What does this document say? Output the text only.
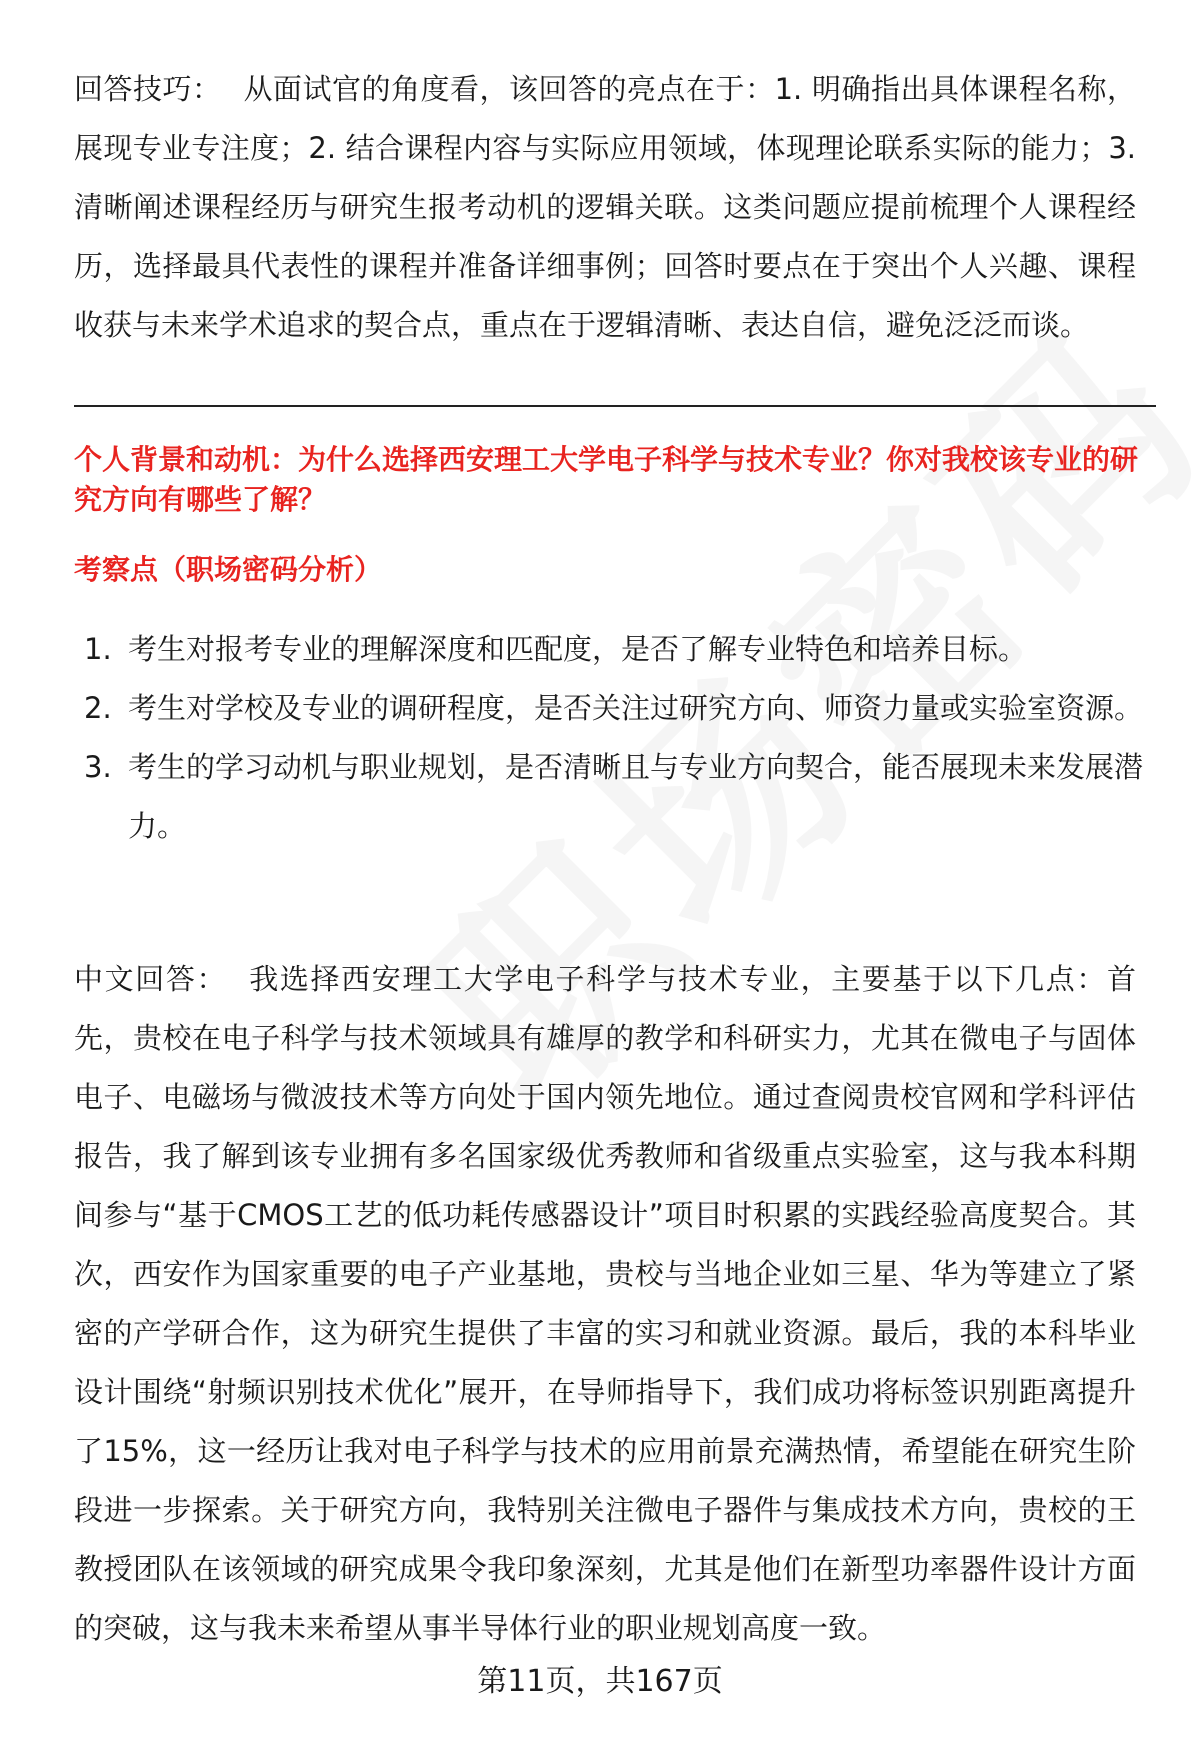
回答技巧： 从面试官的角度看，该回答的亮点在于：1. 明确指出具体课程名称，展现专业专注度；2. 结合课程内容与实际应用领域，体现理论联系实际的能力；3. 清晰阐述课程经历与研究生报考动机的逻辑关联。这类问题应提前梳理个人课程经历，选择最具代表性的课程并准备详细事例；回答时要点在于突出个人兴趣、课程收获与未来学术追求的契合点，重点在于逻辑清晰、表达自信，避免泛泛而谈。
个人背景和动机：为什么选择西安理工大学电子科学与技术专业？你对我校该专业的研究方向有哪些了解？
考察点（职场密码分析）
1. 考生对报考专业的理解深度和匹配度，是否了解专业特色和培养目标。
2. 考生对学校及专业的调研程度，是否关注过研究方向、师资力量或实验室资源。
3. 考生的学习动机与职业规划，是否清晰且与专业方向契合，能否展现未来发展潜力。
中文回答： 我选择西安理工大学电子科学与技术专业，主要基于以下几点：首先，贵校在电子科学与技术领域具有雄厚的教学和科研实力，尤其在微电子与固体电子、电磁场与微波技术等方向处于国内领先地位。通过查阅贵校官网和学科评估报告，我了解到该专业拥有多名国家级优秀教师和省级重点实验室，这与我本科期间参与“基于CMOS工艺的低功耗传感器设计”项目时积累的实践经验高度契合。其次，西安作为国家重要的电子产业基地，贵校与当地企业如三星、华为等建立了紧密的产学研合作，这为研究生提供了丰富的实习和就业资源。最后，我的本科毕业设计围绕“射频识别技术优化”展开，在导师指导下，我们成功将标签识别距离提升了15%，这一经历让我对电子科学与技术的应用前景充满热情，希望能在研究生阶段进一步探索。关于研究方向，我特别关注微电子器件与集成技术方向，贵校的王教授团队在该领域的研究成果令我印象深刻，尤其是他们在新型功率器件设计方面的突破，这与我未来希望从事半导体行业的职业规划高度一致。
第11页，共167页
